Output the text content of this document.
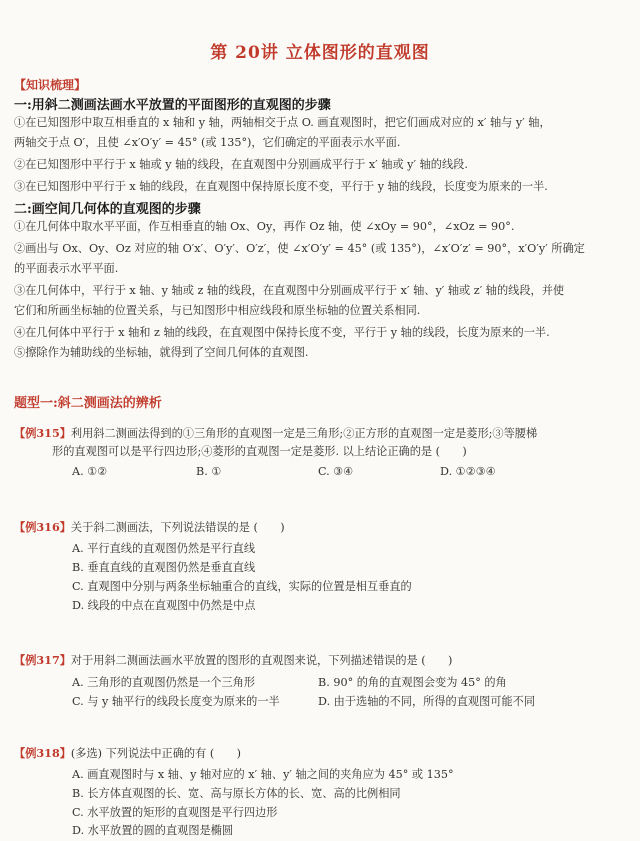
第 20讲 立体图形的直观图
【知识梳理】
一:用斜二测画法画水平放置的平面图形的直观图的步骤
①在已知图形中取互相垂直的 x 轴和 y 轴，两轴相交于点 O. 画直观图时，把它们画成对应的 x′ 轴与 y′ 轴，
两轴交于点 O′，且使 ∠x′O′y′ = 45° (或 135°)，它们确定的平面表示水平面.
②在已知图形中平行于 x 轴或 y 轴的线段，在直观图中分别画成平行于 x′ 轴或 y′ 轴的线段.
③在已知图形中平行于 x 轴的线段，在直观图中保持原长度不变，平行于 y 轴的线段，长度变为原来的一半.
二:画空间几何体的直观图的步骤
①在几何体中取水平平面，作互相垂直的轴 Ox、Oy，再作 Oz 轴，使 ∠xOy = 90°，∠xOz = 90°.
②画出与 Ox、Oy、Oz 对应的轴 O′x′、O′y′、O′z′，使 ∠x′O′y′ = 45° (或 135°)，∠x′O′z′ = 90°，x′O′y′ 所确定
的平面表示水平平面.
③在几何体中，平行于 x 轴、y 轴或 z 轴的线段，在直观图中分别画成平行于 x′ 轴、y′ 轴或 z′ 轴的线段，并使
它们和所画坐标轴的位置关系，与已知图形中相应线段和原坐标轴的位置关系相同.
④在几何体中平行于 x 轴和 z 轴的线段，在直观图中保持长度不变，平行于 y 轴的线段，长度为原来的一半.
⑤擦除作为辅助线的坐标轴，就得到了空间几何体的直观图.
题型一:斜二测画法的辨析
【例315】利用斜二测画法得到的①三角形的直观图一定是三角形;②正方形的直观图一定是菱形;③等腰梯
形的直观图可以是平行四边形;④菱形的直观图一定是菱形. 以上结论正确的是 (　　)
A. ①②	B. ①	C. ③④	D. ①②③④
【例316】关于斜二测画法，下列说法错误的是 (　　)
A. 平行直线的直观图仍然是平行直线
B. 垂直直线的直观图仍然是垂直直线
C. 直观图中分别与两条坐标轴重合的直线，实际的位置是相互垂直的
D. 线段的中点在直观图中仍然是中点
【例317】对于用斜二测画法画水平放置的图形的直观图来说，下列描述错误的是 (　　)
A. 三角形的直观图仍然是一个三角形	B. 90° 的角的直观图会变为 45° 的角
C. 与 y 轴平行的线段长度变为原来的一半	D. 由于选轴的不同，所得的直观图可能不同
【例318】(多选) 下列说法中正确的有 (　　)
A. 画直观图时与 x 轴、y 轴对应的 x′ 轴、y′ 轴之间的夹角应为 45° 或 135°
B. 长方体直观图的长、宽、高与原长方体的长、宽、高的比例相同
C. 水平放置的矩形的直观图是平行四边形
D. 水平放置的圆的直观图是椭圆
